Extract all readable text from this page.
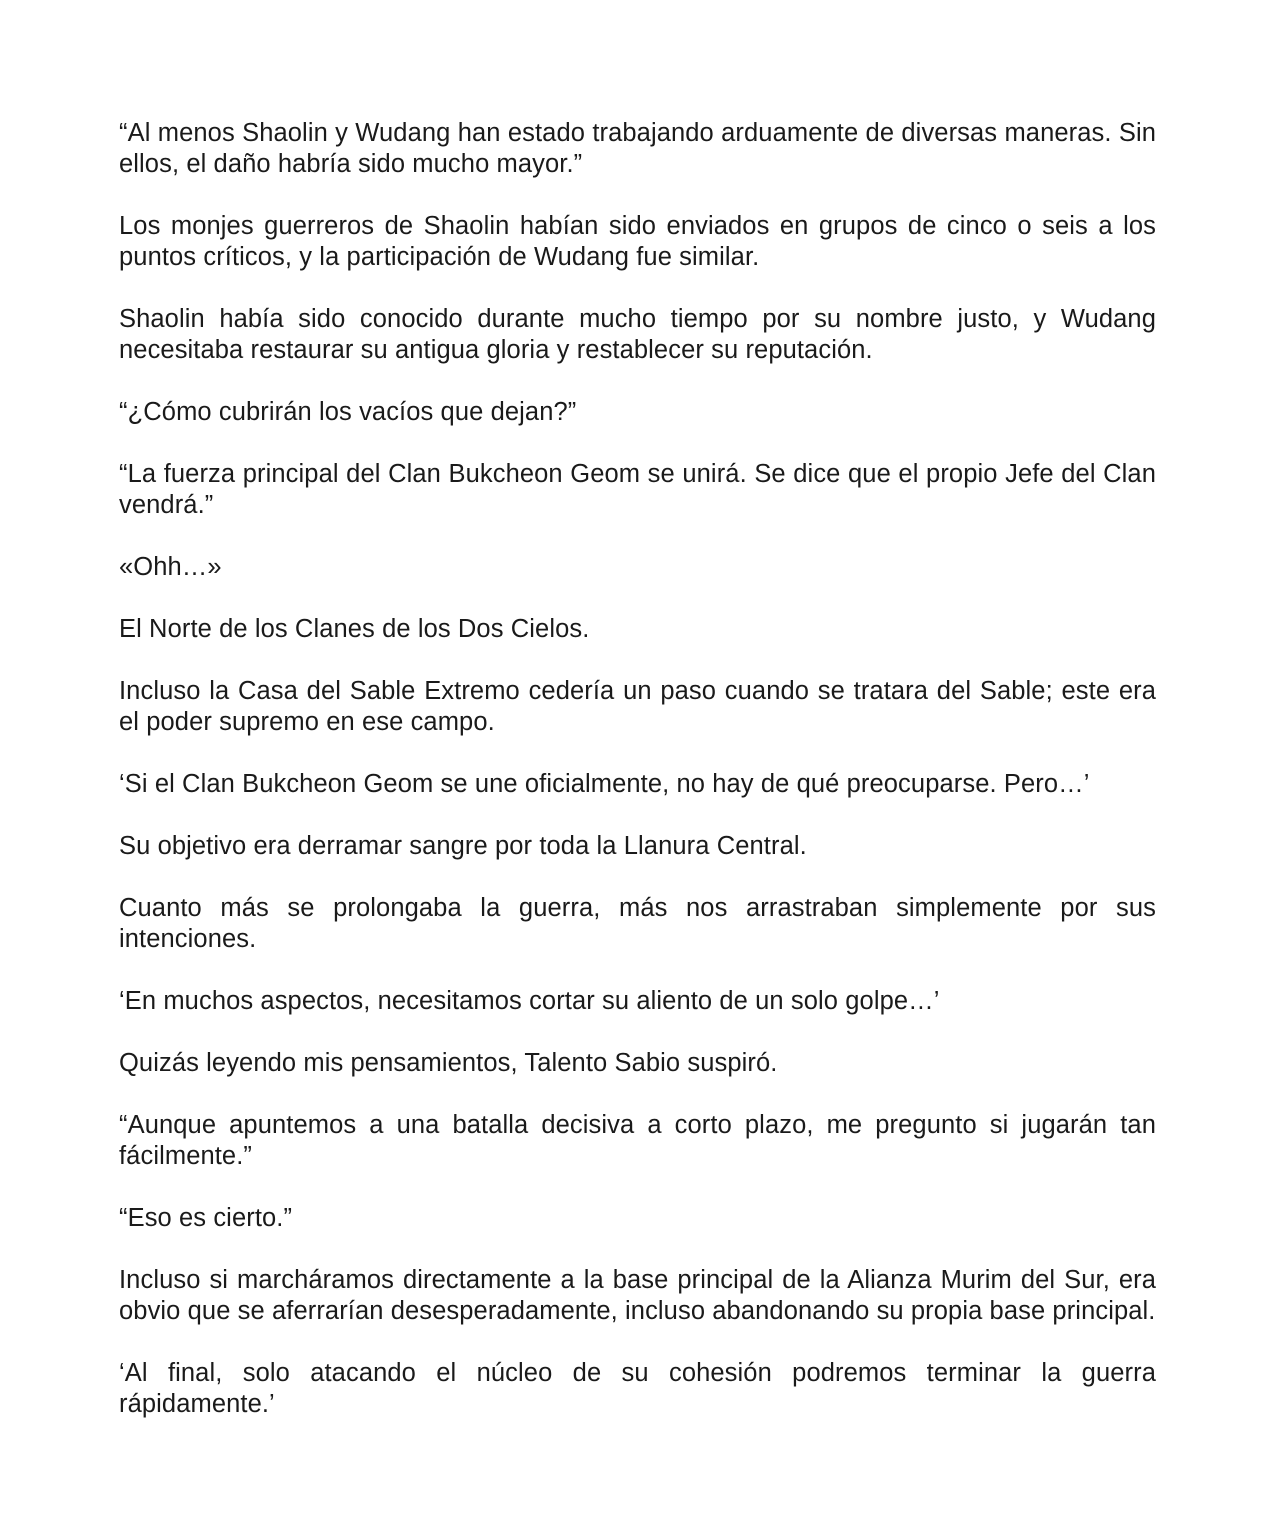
“Al menos Shaolin y Wudang han estado trabajando arduamente de diversas maneras. Sin ellos, el daño habría sido mucho mayor.”

Los monjes guerreros de Shaolin habían sido enviados en grupos de cinco o seis a los puntos críticos, y la participación de Wudang fue similar.

Shaolin había sido conocido durante mucho tiempo por su nombre justo, y Wudang necesitaba restaurar su antigua gloria y restablecer su reputación.

“¿Cómo cubrirán los vacíos que dejan?”

“La fuerza principal del Clan Bukcheon Geom se unirá. Se dice que el propio Jefe del Clan vendrá.”

«Ohh…»

El Norte de los Clanes de los Dos Cielos.

Incluso la Casa del Sable Extremo cedería un paso cuando se tratara del Sable; este era el poder supremo en ese campo.

‘Si el Clan Bukcheon Geom se une oficialmente, no hay de qué preocuparse. Pero…’

Su objetivo era derramar sangre por toda la Llanura Central.

Cuanto más se prolongaba la guerra, más nos arrastraban simplemente por sus intenciones.

‘En muchos aspectos, necesitamos cortar su aliento de un solo golpe…’

Quizás leyendo mis pensamientos, Talento Sabio suspiró.

“Aunque apuntemos a una batalla decisiva a corto plazo, me pregunto si jugarán tan fácilmente.”

“Eso es cierto.”

Incluso si marcháramos directamente a la base principal de la Alianza Murim del Sur, era obvio que se aferrarían desesperadamente, incluso abandonando su propia base principal.

‘Al final, solo atacando el núcleo de su cohesión podremos terminar la guerra rápidamente.’
